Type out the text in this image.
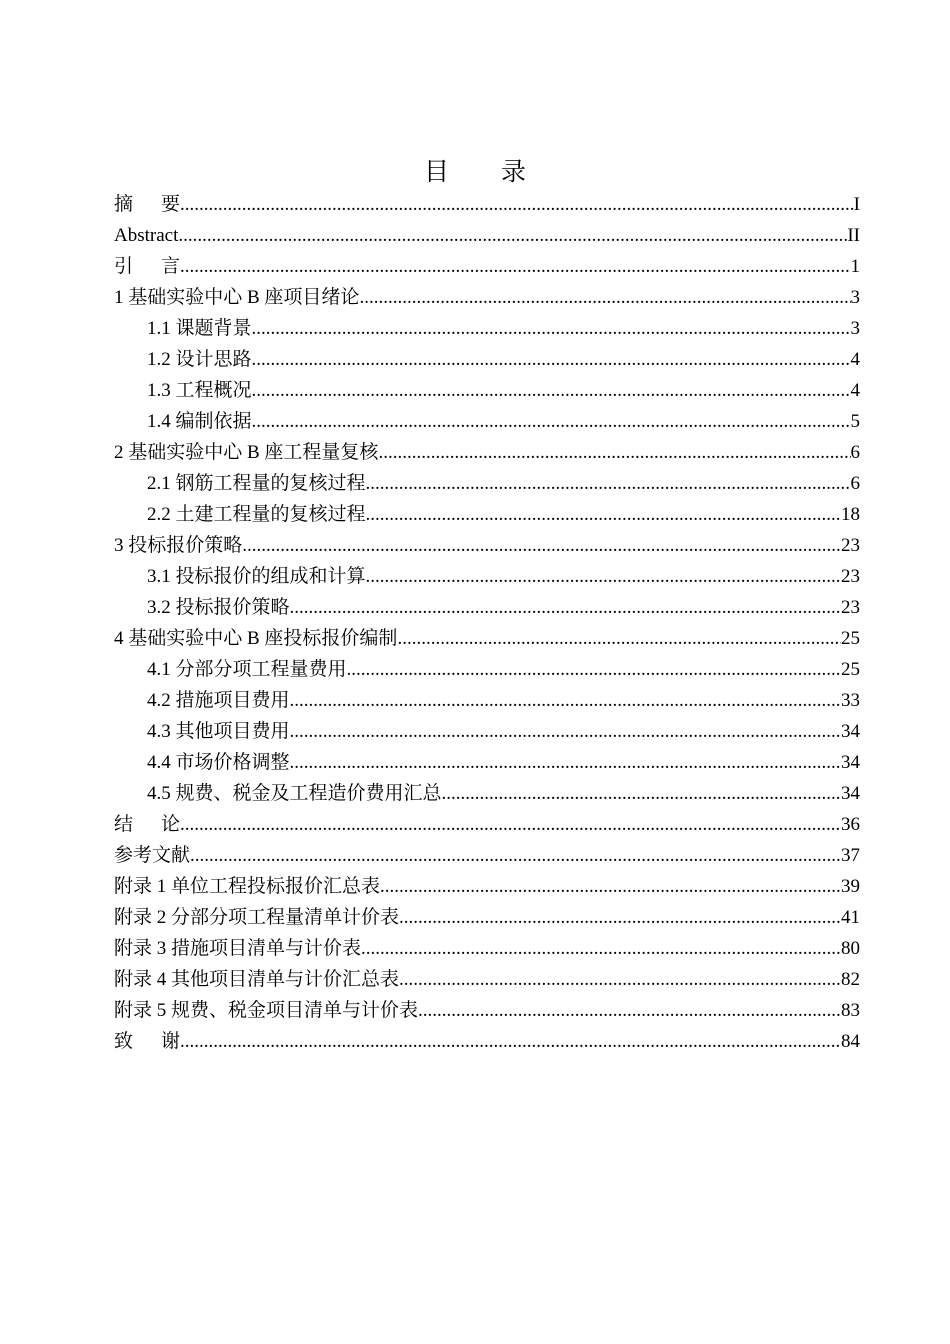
目录
摘要 .....	I
Abstract .....	II
引言 .....	1
1 基础实验中心 B 座项目绪论 .....	3
1.1 课题背景 .....	3
1.2 设计思路 .....	4
1.3 工程概况 .....	4
1.4 编制依据 .....	5
2 基础实验中心 B 座工程量复核 .....	6
2.1 钢筋工程量的复核过程 .....	6
2.2 土建工程量的复核过程 .....	18
3 投标报价策略 .....	23
3.1 投标报价的组成和计算 .....	23
3.2 投标报价策略 .....	23
4 基础实验中心 B 座投标报价编制 .....	25
4.1 分部分项工程量费用 .....	25
4.2 措施项目费用 .....	33
4.3 其他项目费用 .....	34
4.4 市场价格调整 .....	34
4.5 规费、税金及工程造价费用汇总 .....	34
结论 .....	36
参考文献 .....	37
附录 1 单位工程投标报价汇总表 .....	39
附录 2 分部分项工程量清单计价表 .....	41
附录 3 措施项目清单与计价表 .....	80
附录 4 其他项目清单与计价汇总表 .....	82
附录 5 规费、税金项目清单与计价表 .....	83
致谢 .....	84
